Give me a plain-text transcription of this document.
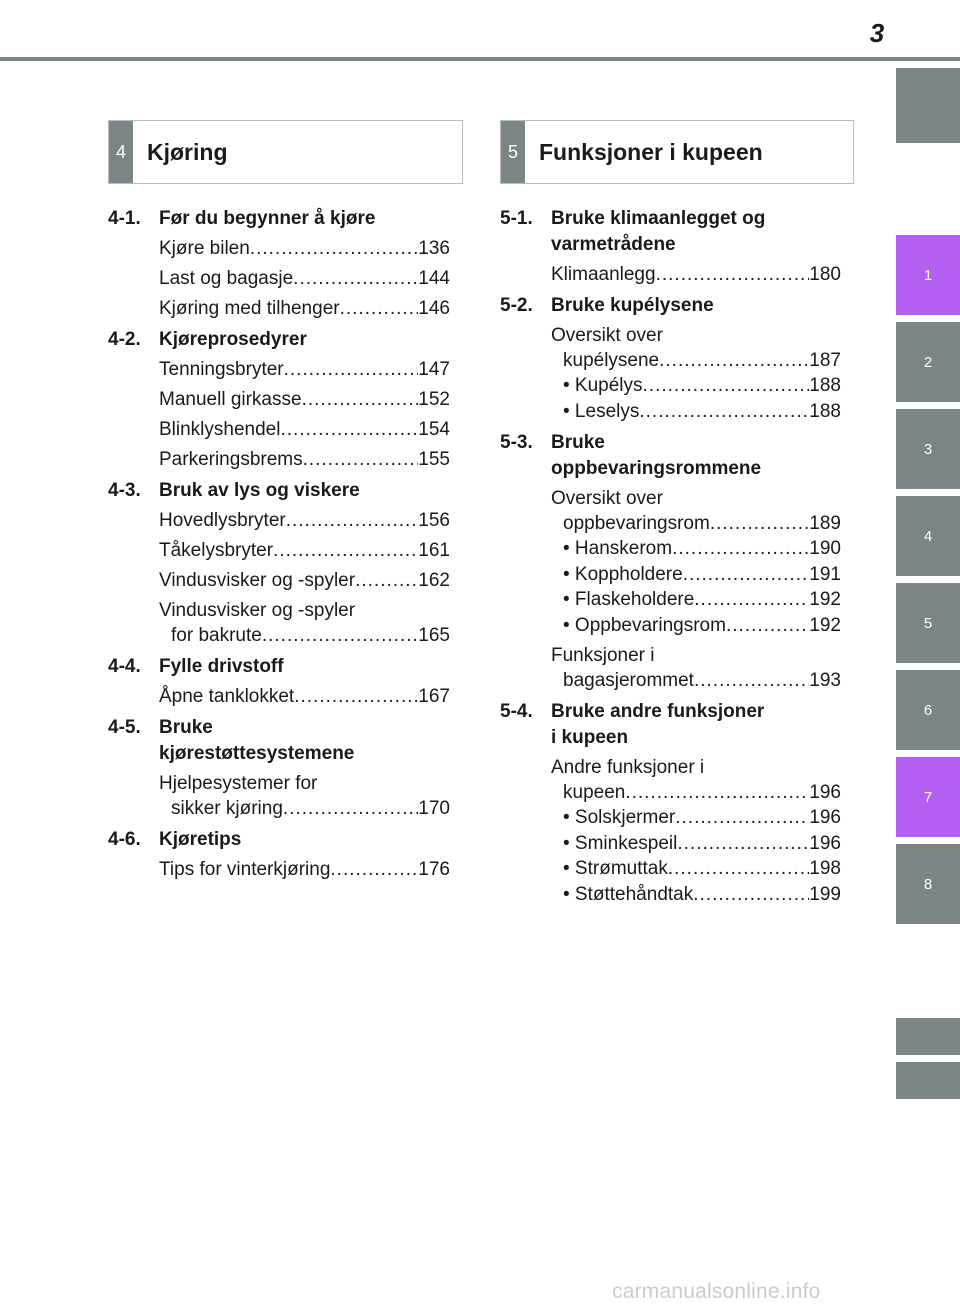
3
1
2
3
4
5
6
7
8
4 Kjøring	5 Funksjoner i kupeen
4-1. Før du begynner å kjøre
Kjøre bilen .....	136
Last og bagasje .....	144
Kjøring med tilhenger .....	146
4-2. Kjøreprosedyrer
Tenningsbryter .....	147
Manuell girkasse .....	152
Blinklyshendel .....	154
Parkeringsbrems .....	155
4-3. Bruk av lys og viskere
Hovedlysbryter .....	156
Tåkelysbryter .....	161
Vindusvisker og -spyler .....	162
Vindusvisker og -spyler
for bakrute .....	165
4-4. Fylle drivstoff
Åpne tanklokket .....	167
4-5. Bruke
kjørestøttesystemene
Hjelpesystemer for
sikker kjøring .....	170
4-6. Kjøretips
Tips for vinterkjøring .....	176
5-1. Bruke klimaanlegget og
varmetrådene
Klimaanlegg .....	180
5-2. Bruke kupélysene
Oversikt over
kupélysene .....	187
• Kupélys .....	188
• Leselys .....	188
5-3. Bruke
oppbevaringsrommene
Oversikt over
oppbevaringsrom .....	189
• Hanskerom .....	190
• Koppholdere .....	191
• Flaskeholdere .....	192
• Oppbevaringsrom .....	192
Funksjoner i
bagasjerommet .....	193
5-4. Bruke andre funksjoner
i kupeen
Andre funksjoner i
kupeen .....	196
• Solskjermer .....	196
• Sminkespeil .....	196
• Strømuttak .....	198
• Støttehåndtak .....	199
carmanualsonline.info
